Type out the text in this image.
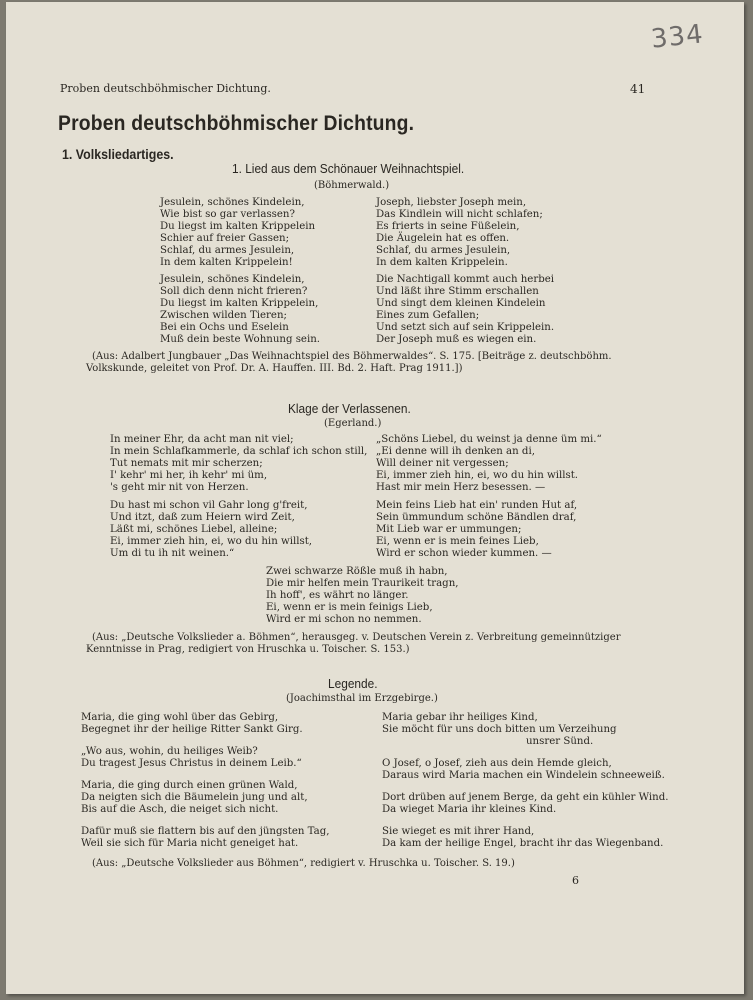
334
Proben deutschböhmischer Dichtung.	41
Proben deutschböhmischer Dichtung.
1. Volksliedartiges.
1. Lied aus dem Schönauer Weihnachtspiel.
(Böhmerwald.)
Jesulein, schönes Kindelein,
Wie bist so gar verlassen?
Du liegst im kalten Krippelein
Schier auf freier Gassen;
Schlaf, du armes Jesulein,
In dem kalten Krippelein!
Joseph, liebster Joseph mein,
Das Kindlein will nicht schlafen;
Es frierts in seine Füßelein,
Die Äugelein hat es offen.
Schlaf, du armes Jesulein,
In dem kalten Krippelein.
Jesulein, schönes Kindelein,
Soll dich denn nicht frieren?
Du liegst im kalten Krippelein,
Zwischen wilden Tieren;
Bei ein Ochs und Eselein
Muß dein beste Wohnung sein.
Die Nachtigall kommt auch herbei
Und läßt ihre Stimm erschallen
Und singt dem kleinen Kindelein
Eines zum Gefallen;
Und setzt sich auf sein Krippelein.
Der Joseph muß es wiegen ein.
(Aus: Adalbert Jungbauer „Das Weihnachtspiel des Böhmerwaldes“. S. 175. [Beiträge z. deutschböhm. Volkskunde, geleitet von Prof. Dr. A. Hauffen. III. Bd. 2. Haft. Prag 1911.])
Klage der Verlassenen.
(Egerland.)
In meiner Ehr, da acht man nit viel;
In mein Schlafkammerle, da schlaf ich schon still,
Tut nemats mit mir scherzen;
I' kehr' mi her, ih kehr' mi üm,
's geht mir nit von Herzen.
„Schöns Liebel, du weinst ja denne üm mi.“
„Ei denne will ih denken an di,
Will deiner nit vergessen;
Ei, immer zieh hin, ei, wo du hin willst.
Hast mir mein Herz besessen. —
Du hast mi schon vil Gahr long g'freit,
Und itzt, daß zum Heiern wird Zeit,
Läßt mi, schönes Liebel, alleine;
Ei, immer zieh hin, ei, wo du hin willst,
Um di tu ih nit weinen.“
Mein feins Lieb hat ein' runden Hut af,
Sein ümmundum schöne Bändlen draf,
Mit Lieb war er ummungen;
Ei, wenn er is mein feines Lieb,
Wird er schon wieder kummen. —
Zwei schwarze Rößle muß ih habn,
Die mir helfen mein Traurikeit tragn,
Ih hoff', es währt no länger.
Ei, wenn er is mein feinigs Lieb,
Wird er mi schon no nemmen.
(Aus: „Deutsche Volkslieder a. Böhmen“, herausgeg. v. Deutschen Verein z. Verbreitung gemeinnütziger Kenntnisse in Prag, redigiert von Hruschka u. Toischer. S. 153.)
Legende.
(Joachimsthal im Erzgebirge.)
Maria, die ging wohl über das Gebirg,
Begegnet ihr der heilige Ritter Sankt Girg.
„Wo aus, wohin, du heiliges Weib?
Du tragest Jesus Christus in deinem Leib.“
Maria, die ging durch einen grünen Wald,
Da neigten sich die Bäumelein jung und alt,
Bis auf die Asch, die neiget sich nicht.
Dafür muß sie flattern bis auf den jüngsten Tag,
Weil sie sich für Maria nicht geneiget hat.
Maria gebar ihr heiliges Kind,
Sie möcht für uns doch bitten um Verzeihung
unsrer Sünd.
O Josef, o Josef, zieh aus dein Hemde gleich,
Daraus wird Maria machen ein Windelein schneeweiß.
Dort drüben auf jenem Berge, da geht ein kühler Wind.
Da wieget Maria ihr kleines Kind.
Sie wieget es mit ihrer Hand,
Da kam der heilige Engel, bracht ihr das Wiegenband.
(Aus: „Deutsche Volkslieder aus Böhmen“, redigiert v. Hruschka u. Toischer. S. 19.)
6
